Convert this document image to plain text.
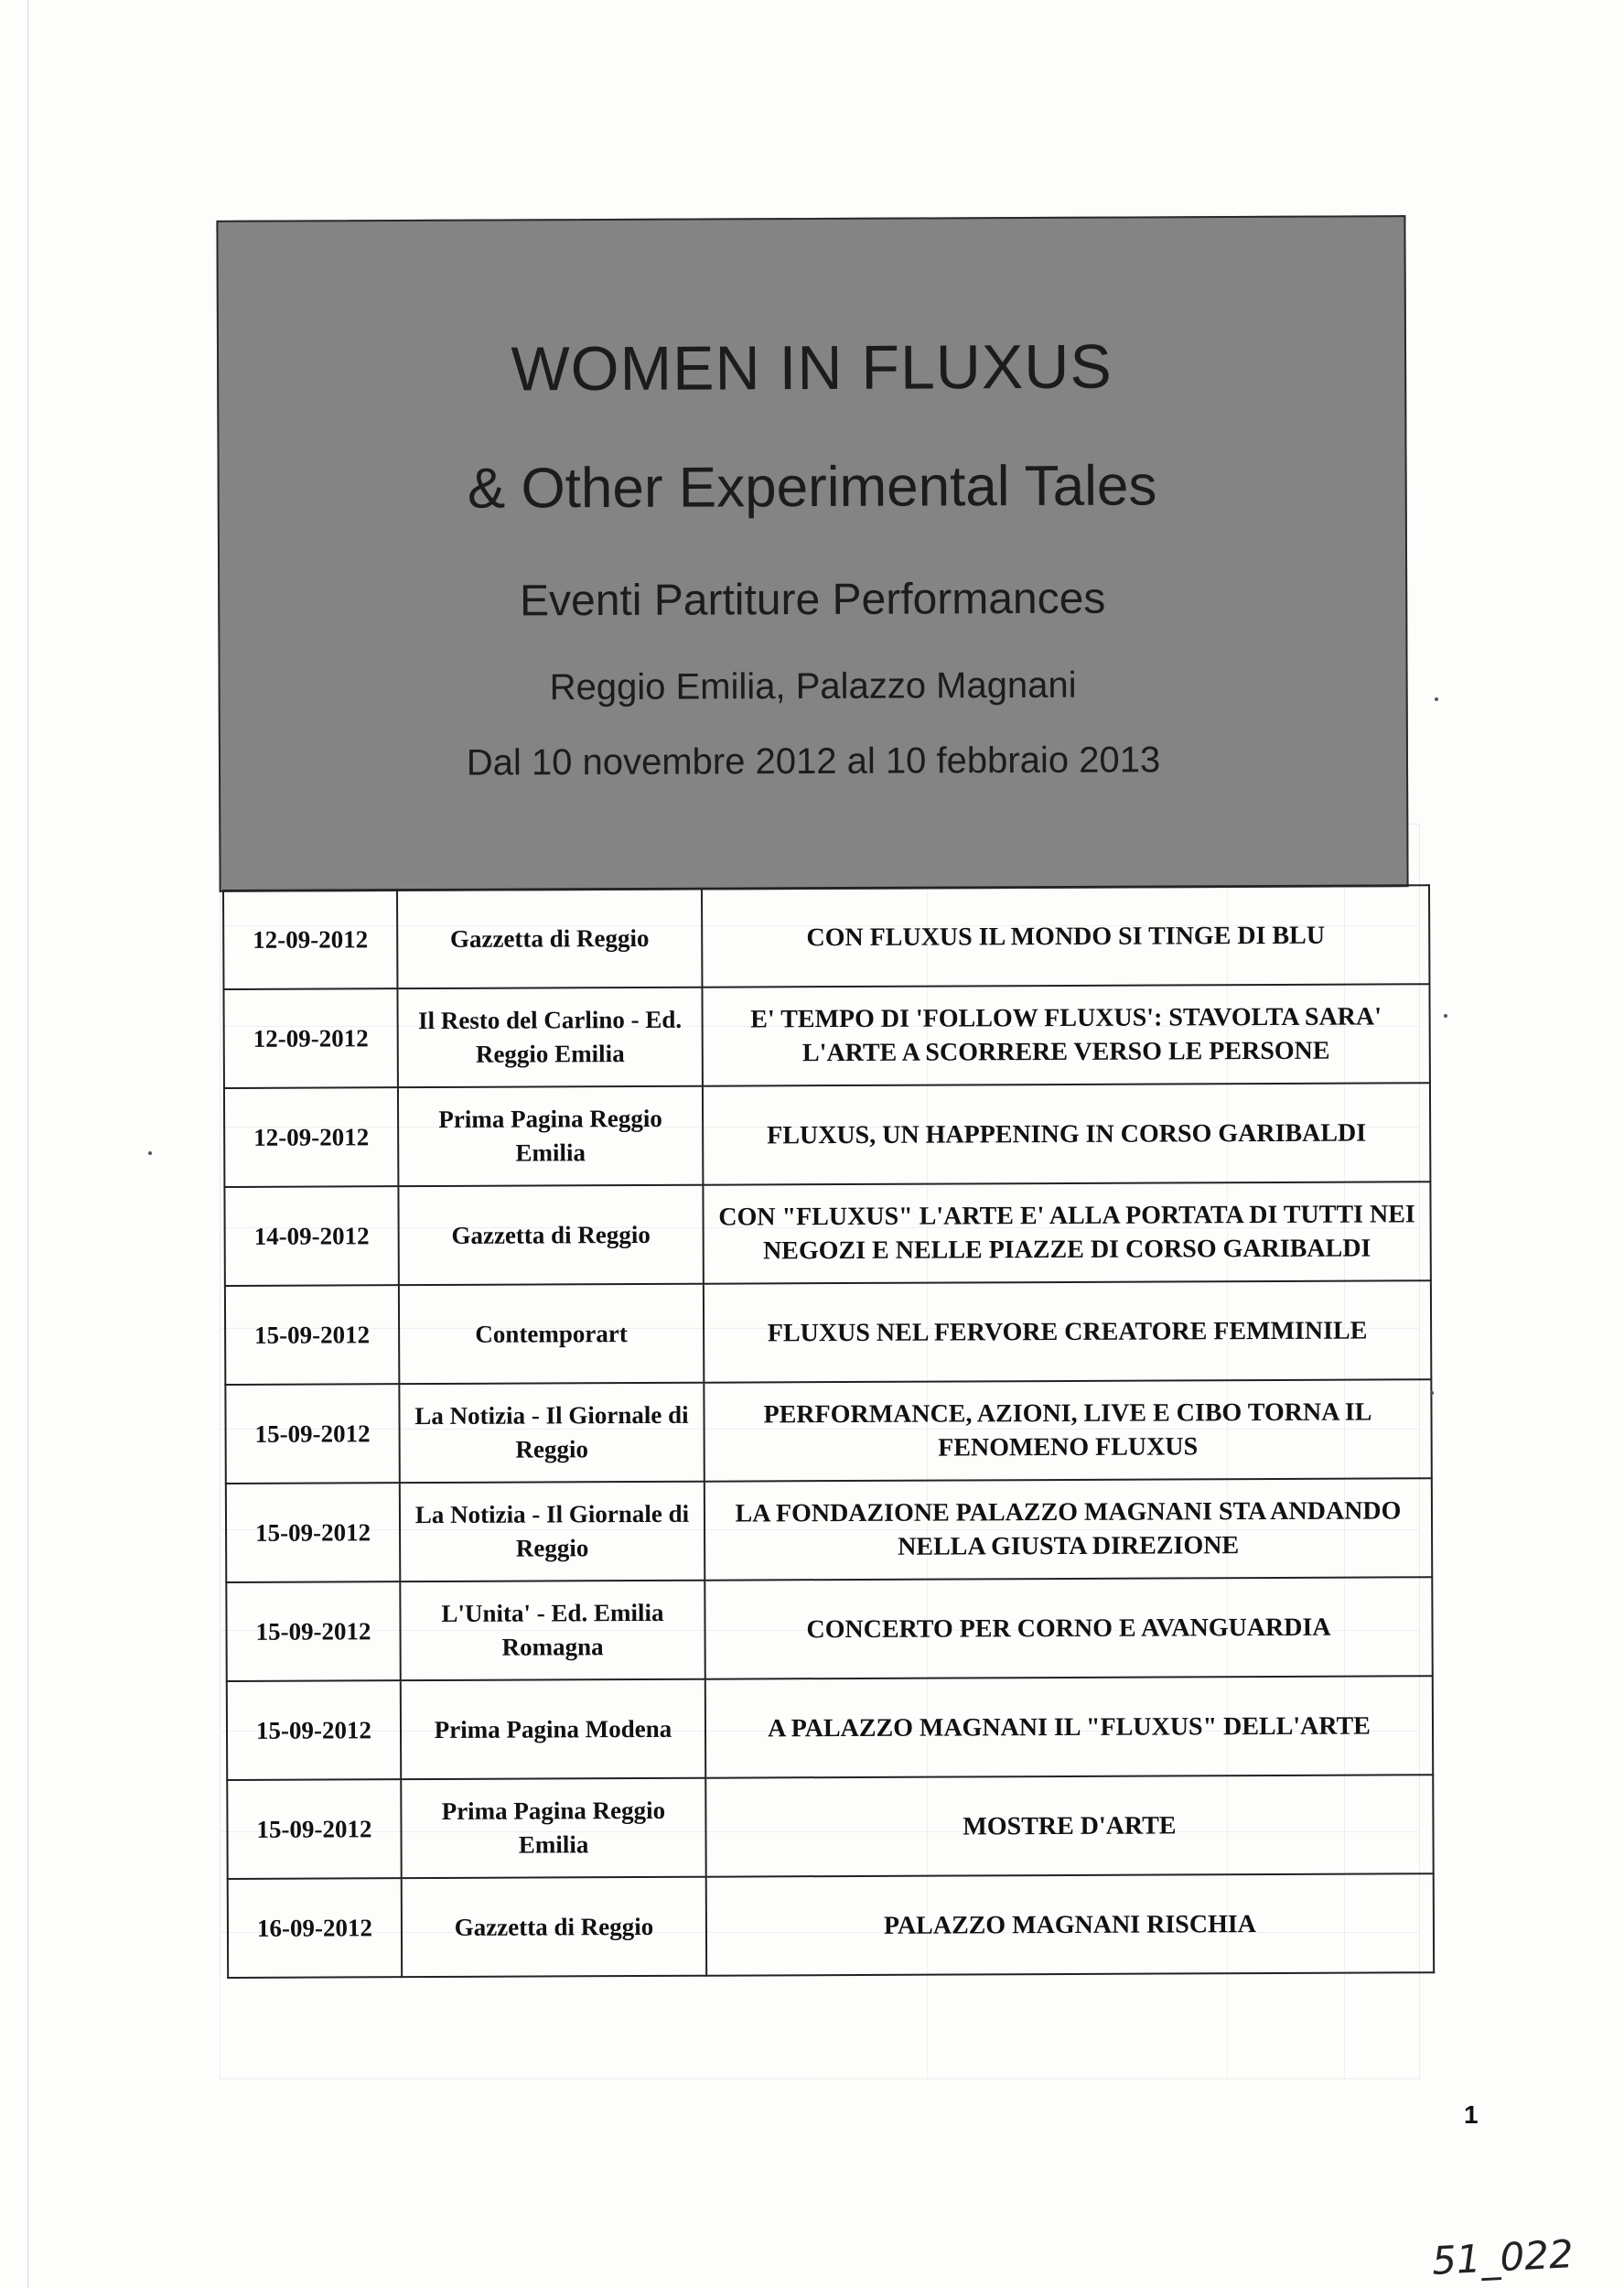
WOMEN IN FLUXUS
& Other Experimental Tales
Eventi Partiture Performances
Reggio Emilia, Palazzo Magnani
Dal 10 novembre 2012 al 10 febbraio 2013
12-09-2012	Gazzetta di Reggio	CON FLUXUS IL MONDO SI TINGE DI BLU
12-09-2012	Il Resto del Carlino - Ed. Reggio Emilia	E' TEMPO DI 'FOLLOW FLUXUS': STAVOLTA SARA' L'ARTE A SCORRERE VERSO LE PERSONE
12-09-2012	Prima Pagina Reggio Emilia	FLUXUS, UN HAPPENING IN CORSO GARIBALDI
14-09-2012	Gazzetta di Reggio	CON "FLUXUS" L'ARTE E' ALLA PORTATA DI TUTTI NEI NEGOZI E NELLE PIAZZE DI CORSO GARIBALDI
15-09-2012	Contemporart	FLUXUS NEL FERVORE CREATORE FEMMINILE
15-09-2012	La Notizia - Il Giornale di Reggio	PERFORMANCE, AZIONI, LIVE E CIBO TORNA IL FENOMENO FLUXUS
15-09-2012	La Notizia - Il Giornale di Reggio	LA FONDAZIONE PALAZZO MAGNANI STA ANDANDO NELLA GIUSTA DIREZIONE
15-09-2012	L'Unita' - Ed. Emilia Romagna	CONCERTO PER CORNO E AVANGUARDIA
15-09-2012	Prima Pagina Modena	A PALAZZO MAGNANI IL "FLUXUS" DELL'ARTE
15-09-2012	Prima Pagina Reggio Emilia	MOSTRE D'ARTE
16-09-2012	Gazzetta di Reggio	PALAZZO MAGNANI RISCHIA
1
51_022
